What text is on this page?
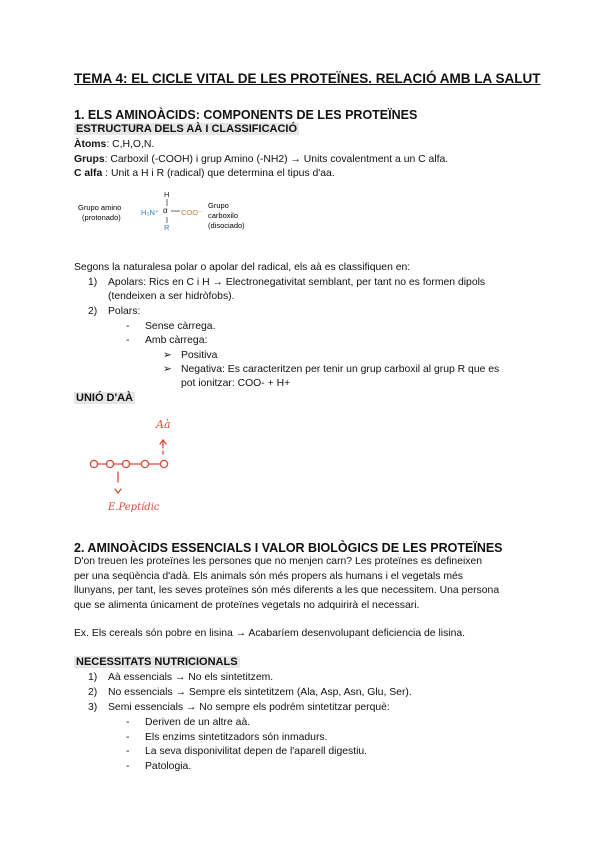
TEMA 4: EL CICLE VITAL DE LES PROTEÏNES. RELACIÓ AMB LA SALUT
1. ELS AMINOÀCIDS: COMPONENTS DE LES PROTEÏNES
ESTRUCTURA DELS AÀ I CLASSIFICACIÓ
Àtoms: C,H,O,N.
Grups: Carboxil (-COOH) i grup Amino (-NH2) → Units covalentment a un C alfa.
C alfa : Unit a H i R (radical) que determina el tipus d'aa.
Grupo amino
(protonado)
H
H₃N⁺ α COO⁻
R
Grupo
carboxilo
(disociado)
Segons la naturalesa polar o apolar del radical, els aà es classifiquen en:
1) Apolars: Rics en C i H → Electronegativitat semblant, per tant no es formen dipols
(tendeixen a ser hidròfobs).
2) Polars:
- Sense càrrega.
- Amb càrrega:
➢ Positiva
➢ Negativa: Es caracteritzen per tenir un grup carboxil al grup R que es
pot ionitzar: COO- + H+
UNIÓ D'AÀ
Aà
E.Peptídic
2. AMINOÀCIDS ESSENCIALS I VALOR BIOLÒGICS DE LES PROTEÏNES
D'on treuen les proteïnes les persones que no menjen carn? Les proteïnes es defineixen
per una seqüència d'adà. Els animals són més propers als humans i el vegetals més
llunyans, per tant, les seves proteïnes són més diferents a les que necessitem. Una persona
que se alimenta únicament de proteïnes vegetals no adquirirà el necessari.
Ex. Els cereals són pobre en lisina → Acabaríem desenvolupant deficiencia de lisina.
NECESSITATS NUTRICIONALS
1) Aà essencials → No els sintetitzem.
2) No essencials → Sempre els sintetitzem (Ala, Asp, Asn, Glu, Ser).
3) Semi essencials → No sempre els podrém sintetitzar perquè:
- Deriven de un altre aà.
- Els enzims sintetitzadors són inmadurs.
- La seva disponivilitat depen de l'aparell digestiu.
- Patologia.
